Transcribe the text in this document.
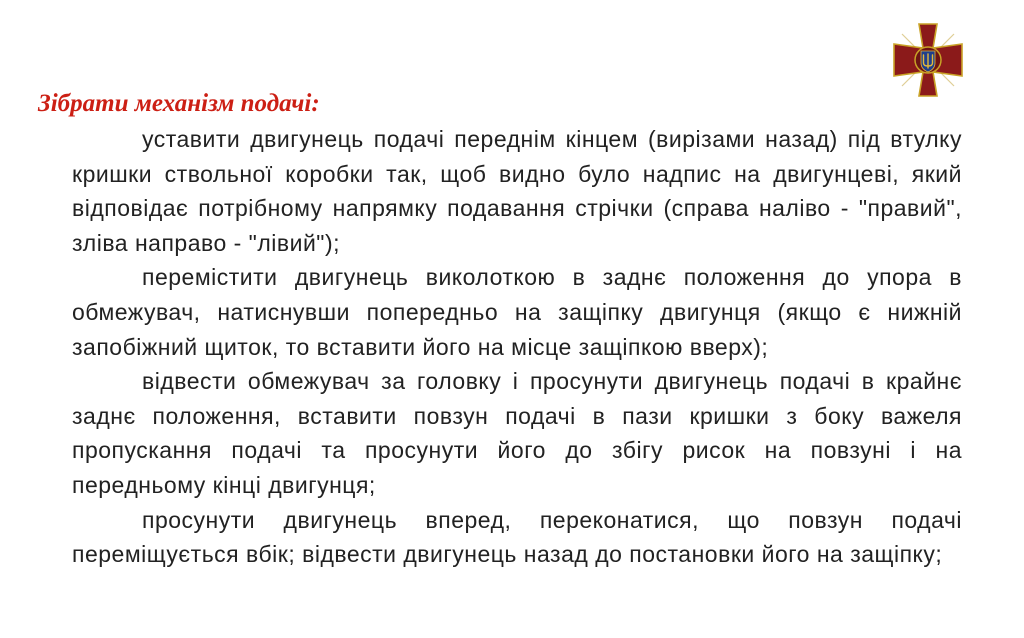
Зібрати механізм подачі:

уставити двигунець подачі переднім кінцем (вирізами назад) під втулку кришки ствольної коробки так, щоб видно було надпис на двигунцеві, який відповідає потрібному напрямку подавання стрічки (справа наліво - "правий", зліва направо - "лівий");

перемістити двигунець виколоткою в заднє положення до упора в обмежувач, натиснувши попередньо на защіпку двигунця (якщо є нижній запобіжний щиток, то вставити його на місце защіпкою вверх);

відвести обмежувач за головку і просунути двигунець подачі в крайнє заднє положення, вставити повзун подачі в пази кришки з боку важеля пропускання подачі та просунути його до збігу рисок на повзуні і на передньому кінці двигунця;

просунути двигунець вперед, переконатися, що повзун подачі переміщується вбік; відвести двигунець назад до постановки його на защіпку;
